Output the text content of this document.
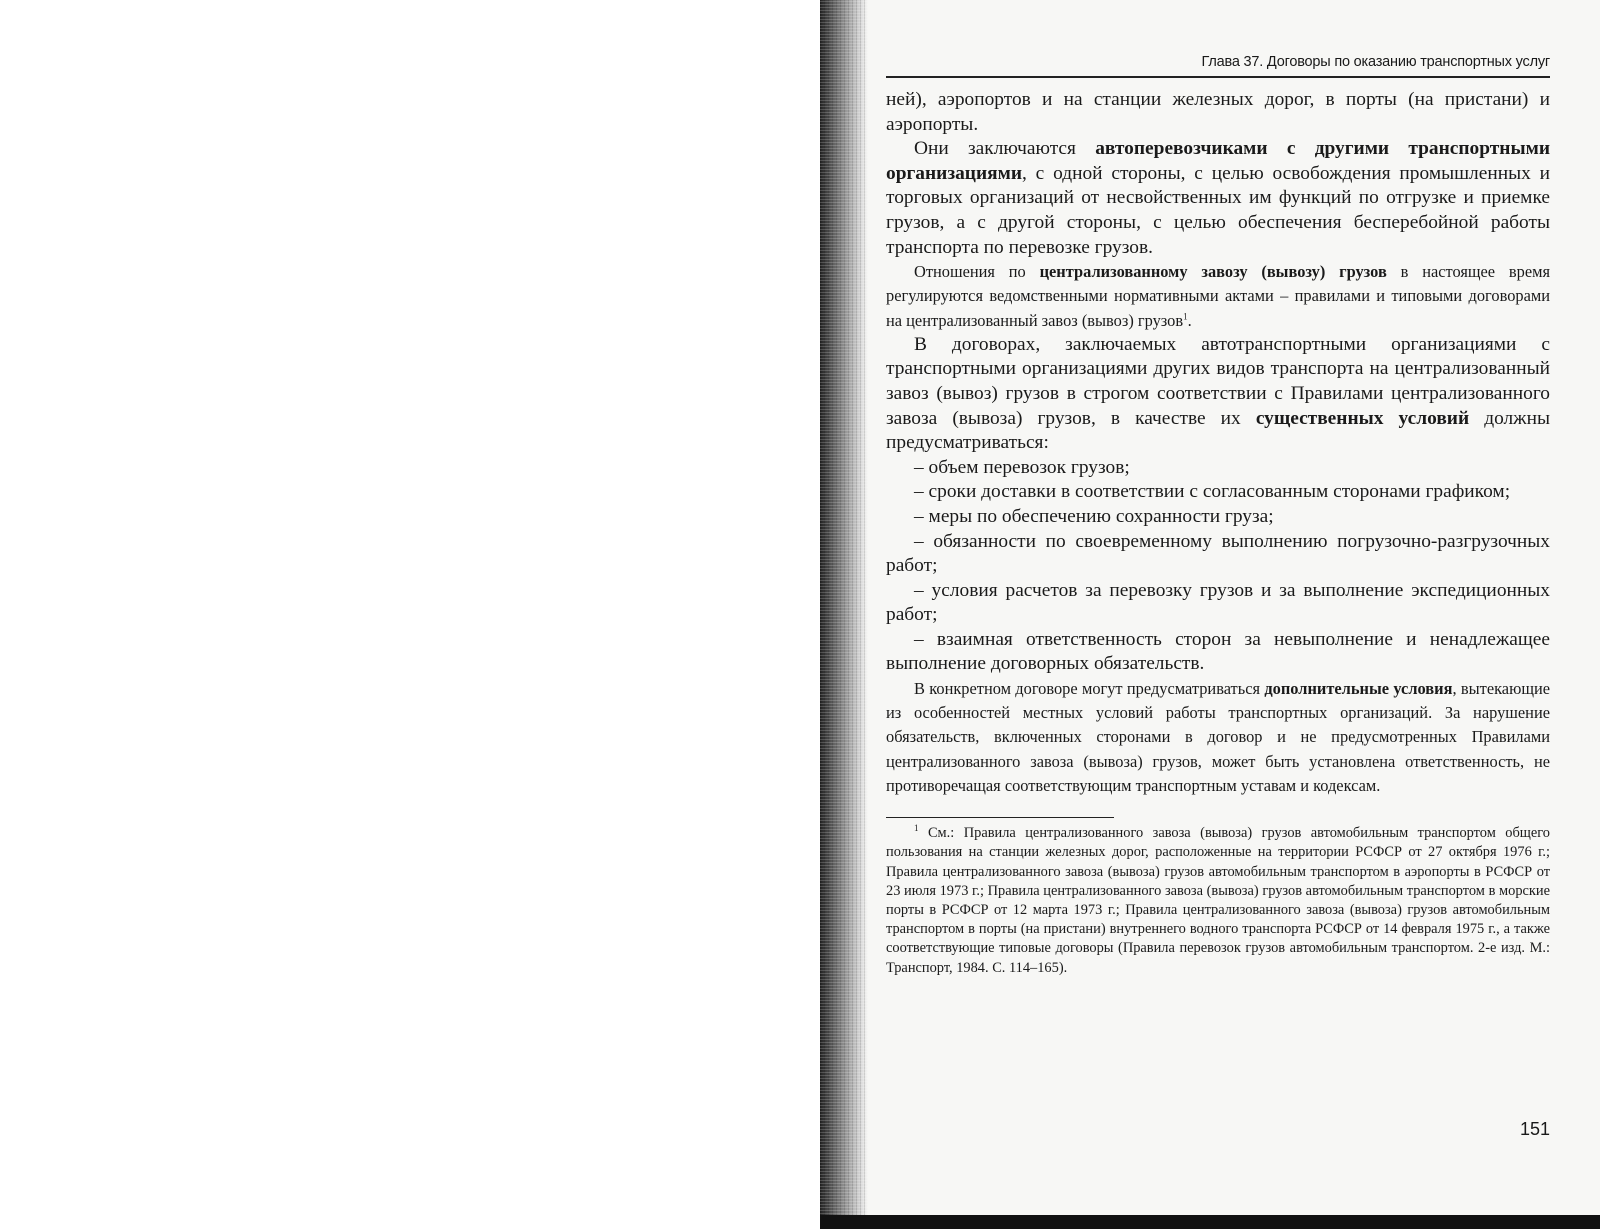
Глава 37. Договоры по оказанию транспортных услуг

ней), аэропортов и на станции железных дорог, в порты (на пристани) и аэропорты.

Они заключаются автоперевозчиками с другими транспортными организациями, с одной стороны, с целью освобождения промышленных и торговых организаций от несвойственных им функций по отгрузке и приемке грузов, а с другой стороны, с целью обеспечения бесперебойной работы транспорта по перевозке грузов.

Отношения по централизованному завозу (вывозу) грузов в настоящее время регулируются ведомственными нормативными актами – правилами и типовыми договорами на централизованный завоз (вывоз) грузов$^1$.

В договорах, заключаемых автотранспортными организациями с транспортными организациями других видов транспорта на централизованный завоз (вывоз) грузов в строгом соответствии с Правилами централизованного завоза (вывоза) грузов, в качестве их существенных условий должны предусматриваться:

– объем перевозок грузов;

– сроки доставки в соответствии с согласованным сторонами графиком;

– меры по обеспечению сохранности груза;

– обязанности по своевременному выполнению погрузочно-разгрузочных работ;

– условия расчетов за перевозку грузов и за выполнение экспедиционных работ;

– взаимная ответственность сторон за невыполнение и ненадлежащее выполнение договорных обязательств.

В конкретном договоре могут предусматриваться дополнительные условия, вытекающие из особенностей местных условий работы транспортных организаций. За нарушение обязательств, включенных сторонами в договор и не предусмотренных Правилами централизованного завоза (вывоза) грузов, может быть установлена ответственность, не противоречащая соответствующим транспортным уставам и кодексам.

$^1$ См.: Правила централизованного завоза (вывоза) грузов автомобильным транспортом общего пользования на станции железных дорог, расположенные на территории РСФСР от 27 октября 1976 г.; Правила централизованного завоза (вывоза) грузов автомобильным транспортом в аэропорты в РСФСР от 23 июля 1973 г.; Правила централизованного завоза (вывоза) грузов автомобильным транспортом в морские порты в РСФСР от 12 марта 1973 г.; Правила централизованного завоза (вывоза) грузов автомобильным транспортом в порты (на пристани) внутреннего водного транспорта РСФСР от 14 февраля 1975 г., а также соответствующие типовые договоры (Правила перевозок грузов автомобильным транспортом. 2-е изд. М.: Транспорт, 1984. С. 114–165).

151
